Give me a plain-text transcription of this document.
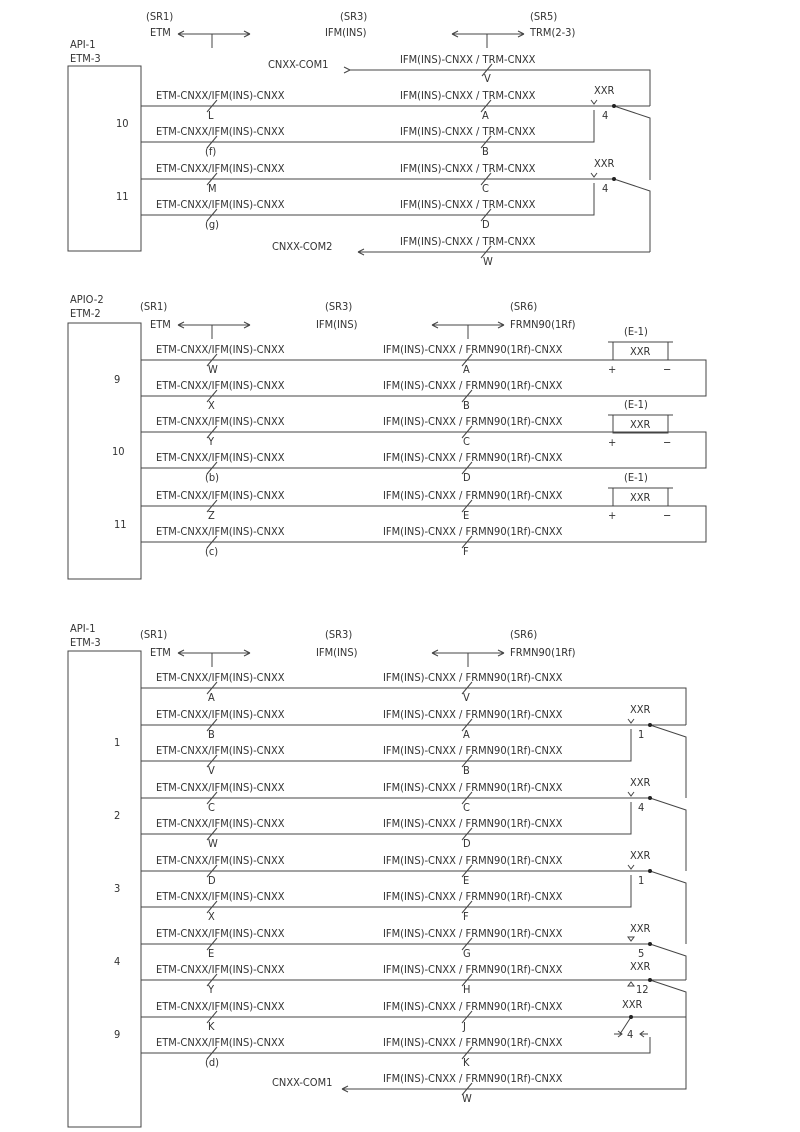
API-1
ETM-3
(SR1)
ETM
(SR3)
IFM(INS)
(SR5)
TRM(2-3)
CNXX-COM1	IFM(INS)-CNXX / TRM-CNXX
V
10
ETM-CNXX/IFM(INS)-CNXX
L
IFM(INS)-CNXX / TRM-CNXX
A
ETM-CNXX/IFM(INS)-CNXX
(f)
IFM(INS)-CNXX / TRM-CNXX
B
XXR
4
11
ETM-CNXX/IFM(INS)-CNXX
M
IFM(INS)-CNXX / TRM-CNXX
C
ETM-CNXX/IFM(INS)-CNXX
(g)
IFM(INS)-CNXX / TRM-CNXX
D
XXR
4
CNXX-COM2	IFM(INS)-CNXX / TRM-CNXX
W
APIO-2
ETM-2
(SR1)
ETM
(SR3)
IFM(INS)
(SR6)
FRMN90(1Rf)
9
ETM-CNXX/IFM(INS)-CNXX
W
IFM(INS)-CNXX / FRMN90(1Rf)-CNXX
A
ETM-CNXX/IFM(INS)-CNXX
X
IFM(INS)-CNXX / FRMN90(1Rf)-CNXX
B
(E-1)
XXR
+	−
10
ETM-CNXX/IFM(INS)-CNXX
Y
IFM(INS)-CNXX / FRMN90(1Rf)-CNXX
C
ETM-CNXX/IFM(INS)-CNXX
(b)
IFM(INS)-CNXX / FRMN90(1Rf)-CNXX
D
(E-1)
XXR
+	−
11
ETM-CNXX/IFM(INS)-CNXX
Z
IFM(INS)-CNXX / FRMN90(1Rf)-CNXX
E
ETM-CNXX/IFM(INS)-CNXX
(c)
IFM(INS)-CNXX / FRMN90(1Rf)-CNXX
F
(E-1)
XXR
+	−
API-1
ETM-3
(SR1)
ETM
(SR3)
IFM(INS)
(SR6)
FRMN90(1Rf)
ETM-CNXX/IFM(INS)-CNXX
A
IFM(INS)-CNXX / FRMN90(1Rf)-CNXX
V
1
ETM-CNXX/IFM(INS)-CNXX
B
IFM(INS)-CNXX / FRMN90(1Rf)-CNXX
A
ETM-CNXX/IFM(INS)-CNXX
V
IFM(INS)-CNXX / FRMN90(1Rf)-CNXX
B
XXR
1
2
ETM-CNXX/IFM(INS)-CNXX
C
IFM(INS)-CNXX / FRMN90(1Rf)-CNXX
C
ETM-CNXX/IFM(INS)-CNXX
W
IFM(INS)-CNXX / FRMN90(1Rf)-CNXX
D
XXR
4
3
ETM-CNXX/IFM(INS)-CNXX
D
IFM(INS)-CNXX / FRMN90(1Rf)-CNXX
E
ETM-CNXX/IFM(INS)-CNXX
X
IFM(INS)-CNXX / FRMN90(1Rf)-CNXX
F
XXR
1
4
ETM-CNXX/IFM(INS)-CNXX
E
IFM(INS)-CNXX / FRMN90(1Rf)-CNXX
G
ETM-CNXX/IFM(INS)-CNXX
Y
IFM(INS)-CNXX / FRMN90(1Rf)-CNXX
H
XXR
5
XXR
12
9
ETM-CNXX/IFM(INS)-CNXX
K
IFM(INS)-CNXX / FRMN90(1Rf)-CNXX
J
ETM-CNXX/IFM(INS)-CNXX
(d)
IFM(INS)-CNXX / FRMN90(1Rf)-CNXX
K
XXR
4
CNXX-COM1	IFM(INS)-CNXX / FRMN90(1Rf)-CNXX
W
